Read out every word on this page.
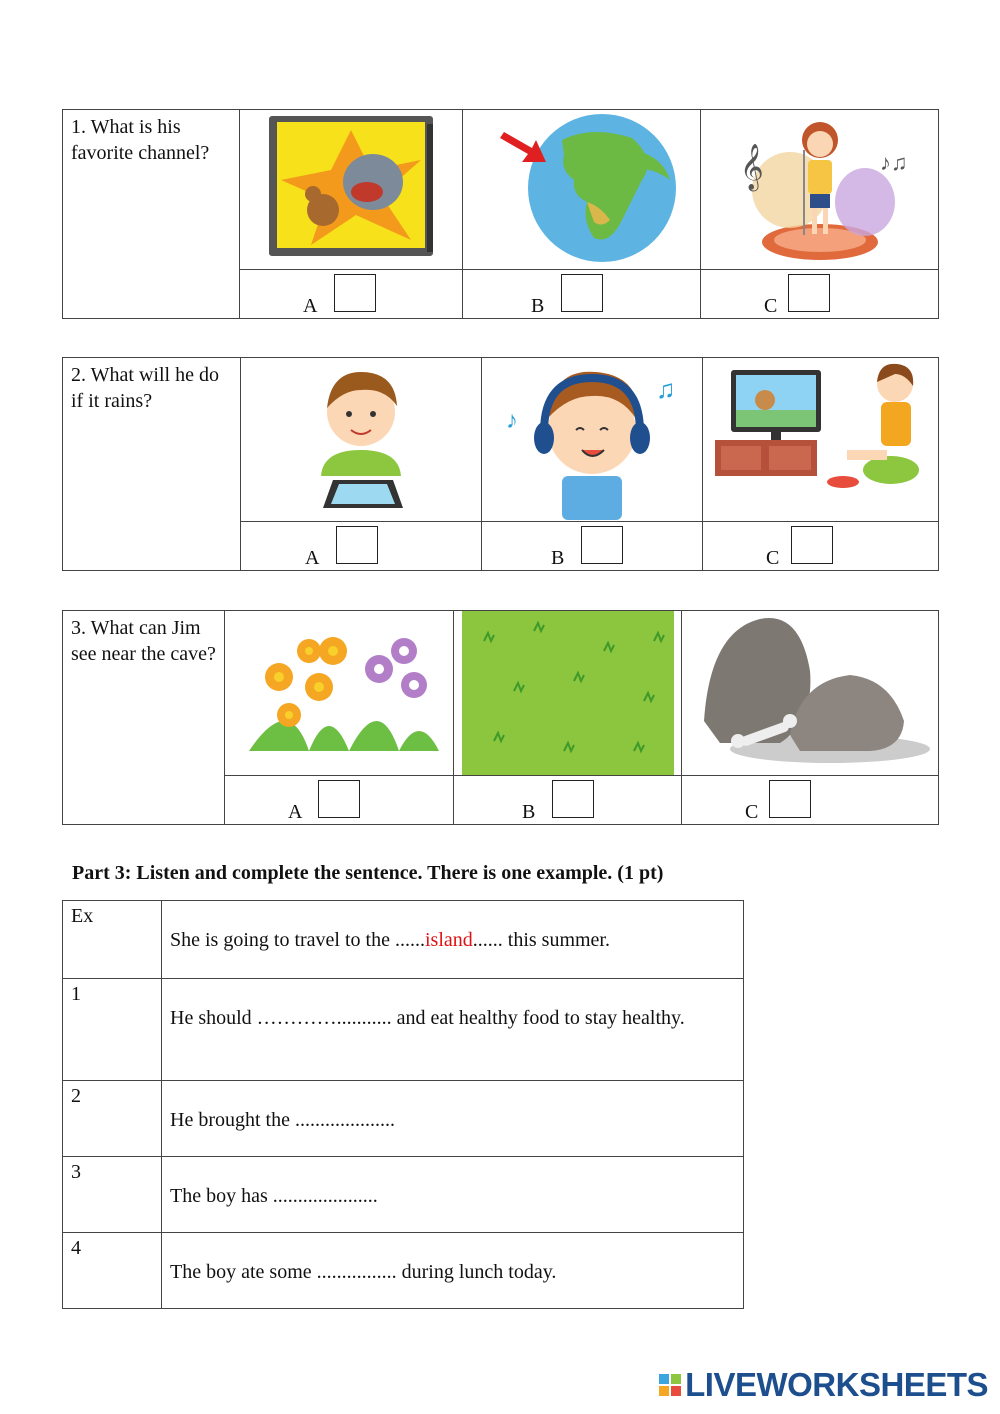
1. What is his favorite channel?			𝄞 ♪♫

	A	B	C
2. What will he do if it rains?		♪
♫

	A	B	C
3. What can Jim see near the cave?	

	A	B	C
Part 3: Listen and complete the sentence. There is one example. (1 pt)
Ex	She is going to travel to the ......island...... this summer.
1	He should …………........... and eat healthy food to stay healthy.
2	He brought the ....................
3	The boy has .....................
4	The boy ate some ................ during lunch today.
LIVEWORKSHEETS
